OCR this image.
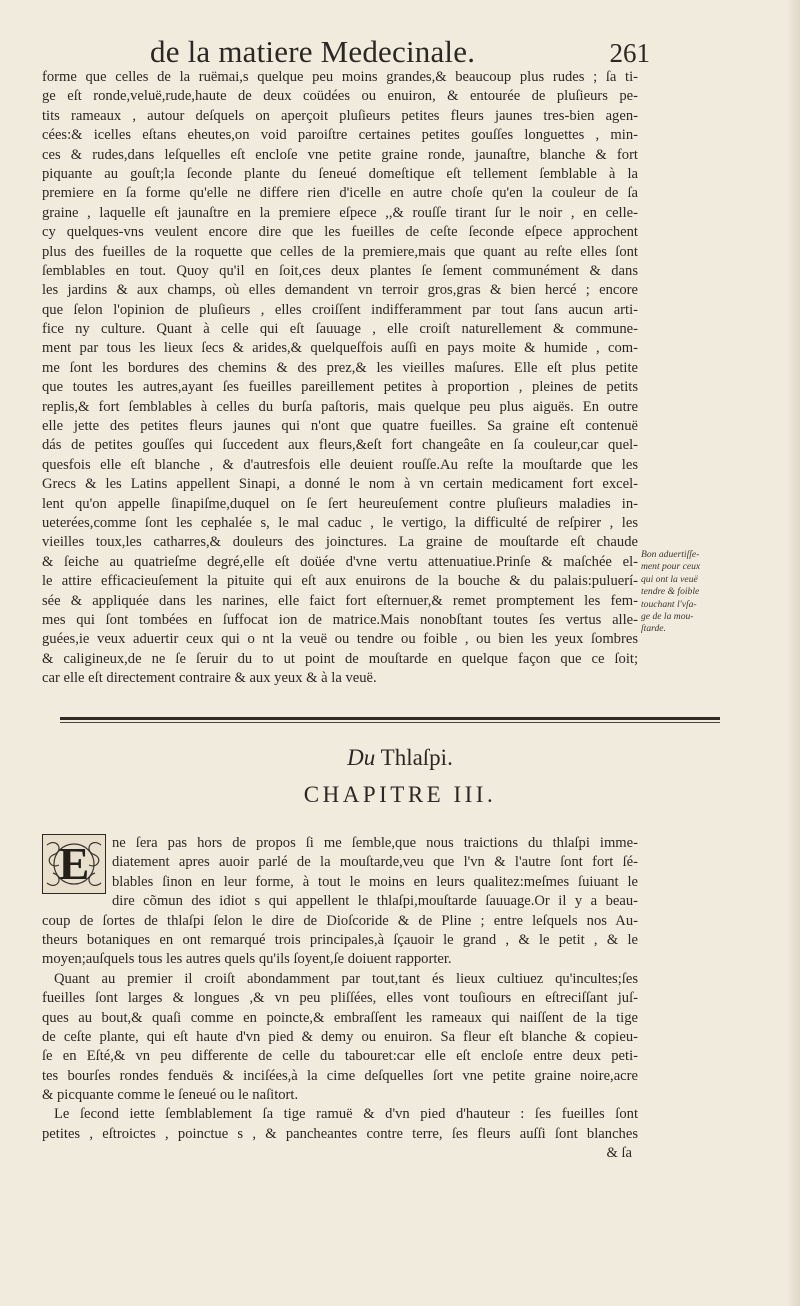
de la matiere Medecinale.	261
forme que celles de la ruëmai,s quelque peu moins grandes,& beaucoup plus rudes ; ſa ti-
ge eſt ronde,veluë,rude,haute de deux coüdées ou enuiron, & entourée de pluſieurs pe-
tits rameaux , autour deſquels on aperçoit pluſieurs petites fleurs jaunes tres-bien agen-
cées:& icelles eſtans eheutes,on void paroiſtre certaines petites gouſſes longuettes , min-
ces & rudes,dans leſquelles eſt encloſe vne petite graine ronde, jaunaſtre, blanche & fort
piquante au gouſt;la ſeconde plante du ſeneué domeſtique eſt tellement ſemblable à la
premiere en ſa forme qu'elle ne differe rien d'icelle en autre choſe qu'en la couleur de ſa
graine , laquelle eſt jaunaſtre en la premiere eſpece ,,& rouſſe tirant ſur le noir , en celle-
cy quelques-vns veulent encore dire que les fueilles de ceſte ſeconde eſpece approchent
plus des fueilles de la roquette que celles de la premiere,mais que quant au reſte elles ſont
ſemblables en tout. Quoy qu'il en ſoit,ces deux plantes ſe ſement communément & dans
les jardins & aux champs, où elles demandent vn terroir gros,gras & bien hercé ; encore
que ſelon l'opinion de pluſieurs , elles croiſſent indifferamment par tout ſans aucun arti-
fice ny culture. Quant à celle qui eſt ſauuage , elle croiſt naturellement & commune-
ment par tous les lieux ſecs & arides,& quelqueſfois auſſi en pays moite & humide , com-
me ſont les bordures des chemins & des prez,& les vieilles maſures. Elle eſt plus petite
que toutes les autres,ayant ſes fueilles pareillement petites à proportion , pleines de petits
replis,& fort ſemblables à celles du burſa paſtoris, mais quelque peu plus aiguës. En outre
elle jette des petites fleurs jaunes qui n'ont que quatre fueilles. Sa graine eſt contenuë
dás de petites gouſſes qui ſuccedent aux fleurs,&eſt fort changeâte en ſa couleur,car quel-
quesfois elle eſt blanche , & d'autresfois elle deuient rouſſe.Au reſte la mouſtarde que les
Grecs & les Latins appellent Sinapi, a donné le nom à vn certain medicament fort excel-
lent qu'on appelle ſinapiſme,duquel on ſe ſert heureuſement contre pluſieurs maladies in-
ueterées,comme ſont les cephalée s, le mal caduc , le vertigo, la difficulté de reſpirer , les
vieilles toux,les catharres,& douleurs des joinctures. La graine de mouſtarde eſt chaude
& ſeiche au quatrieſme degré,elle eſt doüée d'vne vertu attenuatiue.Prinſe & maſchée el-
le attire efficacieuſement la pituite qui eſt aux enuirons de la bouche & du palais:puluerí-
sée & appliquée dans les narines, elle faict fort eſternuer,& remet promptement les fem-
mes qui ſont tombées en ſuffocat ion de matrice.Mais nonobſtant toutes ſes vertus alle-
guées,ie veux aduertir ceux qui o nt la veuë ou tendre ou foible , ou bien les yeux ſombres
& caligineux,de ne ſe ſeruir du to ut point de mouſtarde en quelque façon que ce ſoit;
car elle eſt directement contraire & aux yeux & à la veuë.
Bon aduertiſſe-
ment pour ceux
qui ont la veuë
tendre & foible
touchant l'vſa-
ge de la mou-
ſtarde.
Du Thlaſpi.
CHAPITRE III.
E	ne ſera pas hors de propos ſi me ſemble,que nous traictions du thlaſpi imme-
diatement apres auoir parlé de la mouſtarde,veu que l'vn & l'autre ſont fort ſé-
blables ſinon en leur forme, à tout le moins en leurs qualitez:meſmes ſuiuant le
dire cõmun des idiot s qui appellent le thlaſpi,mouſtarde ſauuage.Or il y a beau-
coup de ſortes de thlaſpi ſelon le dire de Dioſcoride & de Pline ; entre leſquels nos Au-
theurs botaniques en ont remarqué trois principales,à ſçauoir le grand , & le petit , & le
moyen;auſquels tous les autres quels qu'ils ſoyent,ſe doiuent rapporter.
Quant au premier il croiſt abondamment par tout,tant és lieux cultiuez qu'incultes;ſes
fueilles ſont larges & longues ,& vn peu pliſſées, elles vont touſiours en eſtreciſſant juſ-
ques au bout,& quaſi comme en poincte,& embraſſent les rameaux qui naiſſent de la tige
de ceſte plante, qui eſt haute d'vn pied & demy ou enuiron. Sa fleur eſt blanche & copieu-
ſe en Eſté,& vn peu differente de celle du tabouret:car elle eſt encloſe entre deux peti-
tes bourſes rondes fenduës & inciſées,à la cime deſquelles ſort vne petite graine noire,acre
& picquante comme le ſeneué ou le naſitort.
Le ſecond iette ſemblablement ſa tige ramuë & d'vn pied d'hauteur : ſes fueilles ſont
petites , eſtroictes , poinctue s , & pancheantes contre terre, ſes fleurs auſſi ſont blanches
& ſa
